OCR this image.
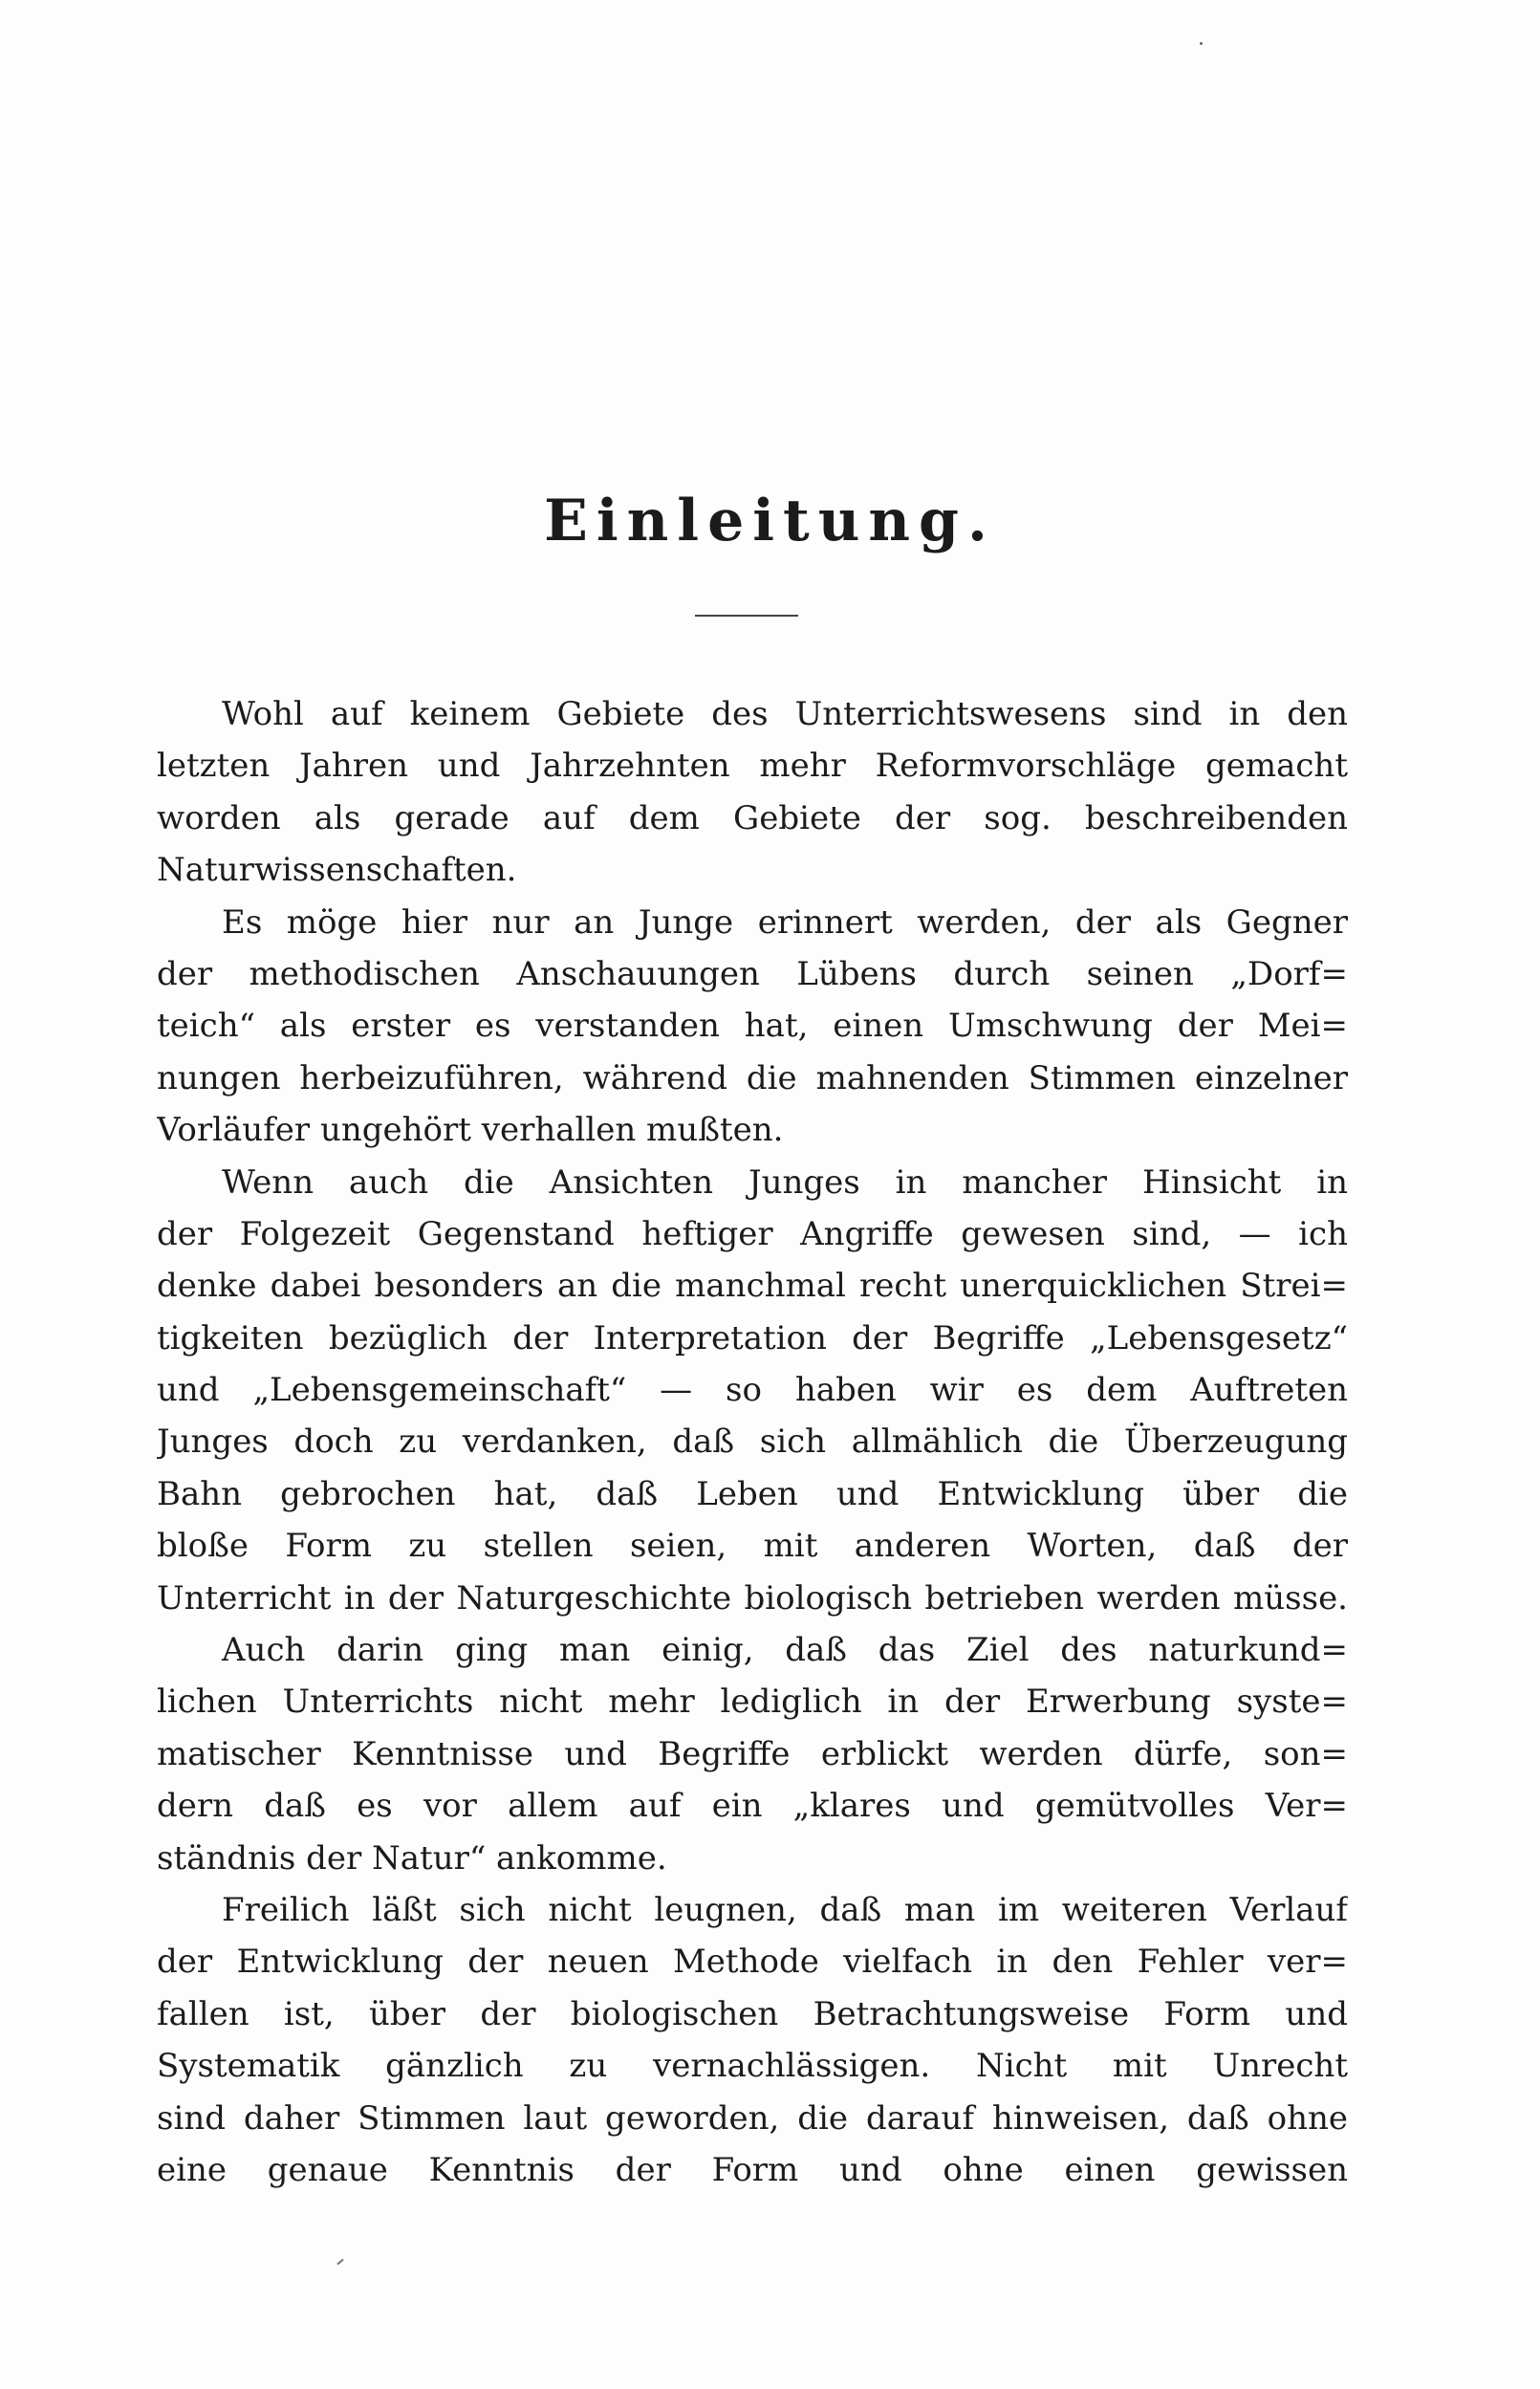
Einleitung.
Wohl auf keinem Gebiete des Unterrichtswesens sind in den
letzten Jahren und Jahrzehnten mehr Reformvorschläge gemacht
worden als gerade auf dem Gebiete der sog. beschreibenden
Naturwissenschaften.
Es möge hier nur an Junge erinnert werden, der als Gegner
der methodischen Anschauungen Lübens durch seinen „Dorf=
teich“ als erster es verstanden hat, einen Umschwung der Mei=
nungen herbeizuführen, während die mahnenden Stimmen einzelner
Vorläufer ungehört verhallen mußten.
Wenn auch die Ansichten Junges in mancher Hinsicht in
der Folgezeit Gegenstand heftiger Angriffe gewesen sind, — ich
denke dabei besonders an die manchmal recht unerquicklichen Strei=
tigkeiten bezüglich der Interpretation der Begriffe „Lebensgesetz“
und „Lebensgemeinschaft“ — so haben wir es dem Auftreten
Junges doch zu verdanken, daß sich allmählich die Überzeugung
Bahn gebrochen hat, daß Leben und Entwicklung über die
bloße Form zu stellen seien, mit anderen Worten, daß der
Unterricht in der Naturgeschichte biologisch betrieben werden müsse.
Auch darin ging man einig, daß das Ziel des naturkund=
lichen Unterrichts nicht mehr lediglich in der Erwerbung syste=
matischer Kenntnisse und Begriffe erblickt werden dürfe, son=
dern daß es vor allem auf ein „klares und gemütvolles Ver=
ständnis der Natur“ ankomme.
Freilich läßt sich nicht leugnen, daß man im weiteren Verlauf
der Entwicklung der neuen Methode vielfach in den Fehler ver=
fallen ist, über der biologischen Betrachtungsweise Form und
Systematik gänzlich zu vernachlässigen. Nicht mit Unrecht
sind daher Stimmen laut geworden, die darauf hinweisen, daß ohne
eine genaue Kenntnis der Form und ohne einen gewissen
